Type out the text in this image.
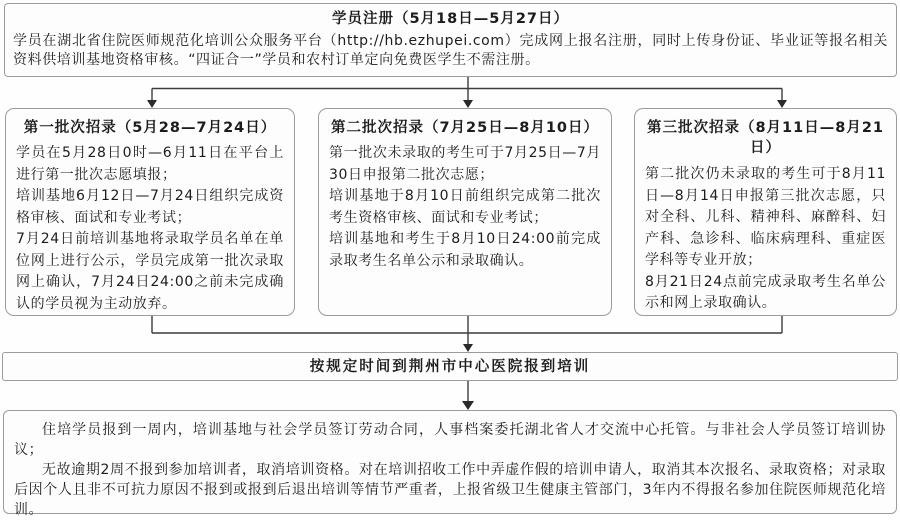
学员注册（5月18日—5月27日）

学员在湖北省住院医师规范化培训公众服务平台（http://hb.ezhupei.com）完成网上报名注册，同时上传身份证、毕业证等报名相关资料供培训基地资格审核。“四证合一”学员和农村订单定向免费医学生不需注册。

第一批次招录（5月28—7月24日）

学员在5月28日0时—6月11日在平台上进行第一批次志愿填报；

培训基地6月12日—7月24日组织完成资格审核、面试和专业考试；

7月24日前培训基地将录取学员名单在单位网上进行公示，学员完成第一批次录取网上确认，7月24日24:00之前未完成确认的学员视为主动放弃。

第二批次招录（7月25日—8月10日）

第一批次未录取的考生可于7月25日—7月30日申报第二批次志愿；

培训基地于8月10日前组织完成第二批次考生资格审核、面试和专业考试；

培训基地和考生于8月10日24:00前完成录取考生名单公示和录取确认。

第三批次招录（8月11日—8月21日）

第二批次仍未录取的考生可于8月11日—8月14日申报第三批次志愿，只对全科、儿科、精神科、麻醉科、妇产科、急诊科、临床病理科、重症医学科等专业开放；

8月21日24点前完成录取考生名单公示和网上录取确认。

按规定时间到荆州市中心医院报到培训

住培学员报到一周内，培训基地与社会学员签订劳动合同，人事档案委托湖北省人才交流中心托管。与非社会人学员签订培训协议；

无故逾期2周不报到参加培训者，取消培训资格。对在培训招收工作中弄虚作假的培训申请人，取消其本次报名、录取资格；对录取后因个人且非不可抗力原因不报到或报到后退出培训等情节严重者，上报省级卫生健康主管部门，3年内不得报名参加住院医师规范化培训。
